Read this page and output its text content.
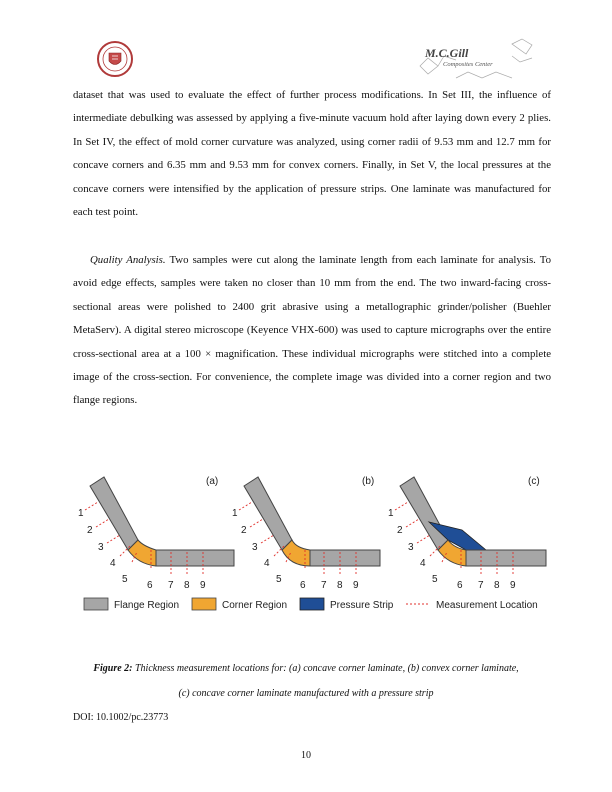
M.C.Gill
Composites Center

dataset that was used to evaluate the effect of further process modifications. In Set III, the influence of intermediate debulking was assessed by applying a five-minute vacuum hold after laying down every 2 plies. In Set IV, the effect of mold corner curvature was analyzed, using corner radii of 9.53 mm and 12.7 mm for concave corners and 6.35 mm and 9.53 mm for convex corners. Finally, in Set V, the local pressures at the concave corners were intensified by the application of pressure strips. One laminate was manufactured for each test point.

Quality Analysis. Two samples were cut along the laminate length from each laminate for analysis. To avoid edge effects, samples were taken no closer than 10 mm from the end. The two inward-facing cross-sectional areas were polished to 2400 grit abrasive using a metallographic grinder/polisher (Buehler MetaServ). A digital stereo microscope (Keyence VHX-600) was used to capture micrographs over the entire cross-sectional area at a 100 × magnification. These individual micrographs were stitched into a complete image of the cross-section. For convenience, the complete image was divided into a corner region and two flange regions.

1
2
3
4
5
6 7 8 9
(a)
1
2
3
4
5
6 7 8 9
(b)
1
2
3
4
5
6 7 8 9
(c)
Flange Region	Corner Region	Pressure Strip	Measurement Location
Figure 2: Thickness measurement locations for: (a) concave corner laminate, (b) convex corner laminate,
(c) concave corner laminate manufactured with a pressure strip
DOI: 10.1002/pc.23773
10
